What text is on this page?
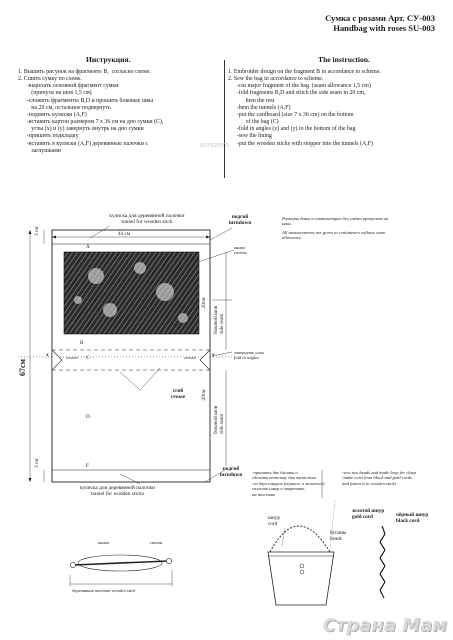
Сумка с розами Арт. СУ-003
Handbag with roses SU-003
Инструкция.
1. Вышить рисунок на фрагменте В,  согласно схеме.
2. Сшить сумку по схеме.
-вырезать основной фрагмент сумки
(припуск на шов 1,5 см)
-сложить фрагменты В,D и прошить боковые швы
на 20 см, остальное подвернуть
-подшить кулиски (А,F)
-вставить картон размером 7 x 36 см на дно сумки (С),
углы (x) и (y) завернуть внутрь на дно сумки
-пришить подкладку
-вставить в кулиски (А,F) деревянные палочки с
заглушками
The instruction.
1. Embroider design on the fragment B in accordance to scheme.
2. Sew the bag in accordance to scheme.
-cut major fragment of the bag  (seam allowance 1,5 cm)
-fold fragments B,D and stitch the side seam in 20 cm,
hem the rest
-hem the tunnels (A,F)
-put the cardboard (size 7 x 36 cm) on the bottom
of the bag (C)
-fold in angles (x) and (y) to the bottom of the bag
-sew the lining
-put the wooden sticks with stopper into the tunnels (A,F)
zerozero
кулиска для деревянной палочки
tunnel for wooden stick
подгиб
turndown
канва
canvas
Размеры даны в сантиметрах без учёта припусков на швы.
All measurements are given in centimeters without seam allowance.
A
B
C
D
F
x	y
44 см
3 см
3 см
67см
20см
боковой шов side seam
20см
боковой шов side seam
завернуть углы
fold in angles
сгиб
crease
кулиска для деревянной палочки
tunnel for wooden sticks
подгиб
turndown
канва	сатин
деревянная палочка wooden stick
-пришить две бусины и
сделать петельку для застежки
-из двух шнуров (черного и золотого)
сплести шнур и закрепить
на палочках
-sew two beads and made loop for clasp
-make cord from black and gold cords
and fasten it to wooden sticks
шнур
cord
бусины
beads
золотой шнур
gold cord	чёрный шнур
black cord
Страна Мам
